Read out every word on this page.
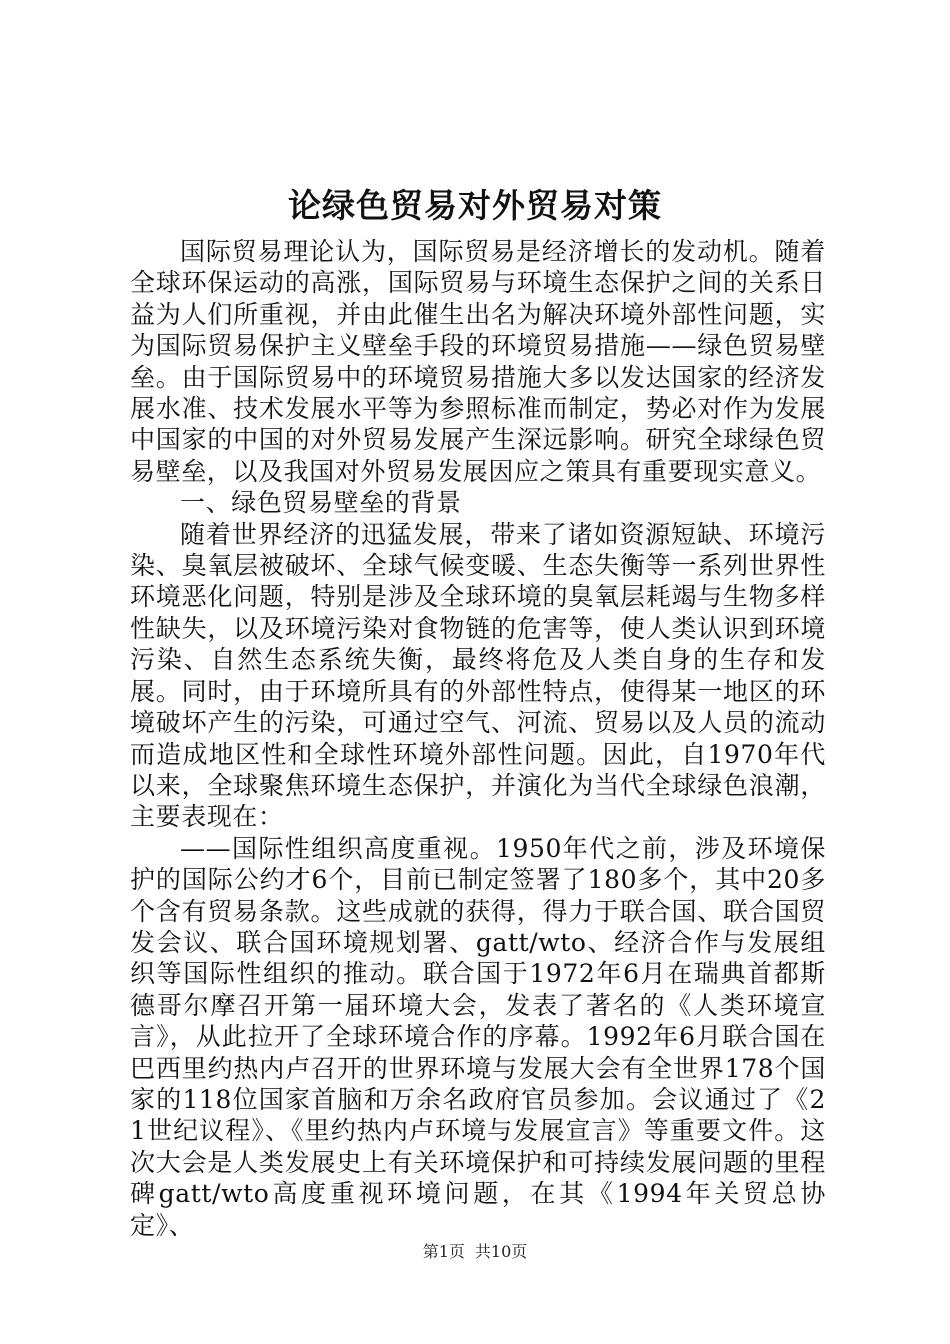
论绿色贸易对外贸易对策

国际贸易理论认为，国际贸易是经济增长的发动机。随着全球环保运动的高涨，国际贸易与环境生态保护之间的关系日益为人们所重视，并由此催生出名为解决环境外部性问题，实为国际贸易保护主义壁垒手段的环境贸易措施——绿色贸易壁垒。由于国际贸易中的环境贸易措施大多以发达国家的经济发展水准、技术发展水平等为参照标准而制定，势必对作为发展中国家的中国的对外贸易发展产生深远影响。研究全球绿色贸易壁垒，以及我国对外贸易发展因应之策具有重要现实意义。

一、绿色贸易壁垒的背景

随着世界经济的迅猛发展，带来了诸如资源短缺、环境污染、臭氧层被破坏、全球气候变暖、生态失衡等一系列世界性环境恶化问题，特别是涉及全球环境的臭氧层耗竭与生物多样性缺失，以及环境污染对食物链的危害等，使人类认识到环境污染、自然生态系统失衡，最终将危及人类自身的生存和发展。同时，由于环境所具有的外部性特点，使得某一地区的环境破坏产生的污染，可通过空气、河流、贸易以及人员的流动而造成地区性和全球性环境外部性问题。因此，自1970年代以来，全球聚焦环境生态保护，并演化为当代全球绿色浪潮，主要表现在：

——国际性组织高度重视。1950年代之前，涉及环境保护的国际公约才6个，目前已制定签署了180多个，其中20多个含有贸易条款。这些成就的获得，得力于联合国、联合国贸发会议、联合国环境规划署、gatt/wto、经济合作与发展组织等国际性组织的推动。联合国于1972年6月在瑞典首都斯德哥尔摩召开第一届环境大会，发表了著名的《人类环境宣言》，从此拉开了全球环境合作的序幕。1992年6月联合国在巴西里约热内卢召开的世界环境与发展大会有全世界178个国家的118位国家首脑和万余名政府官员参加。会议通过了《21世纪议程》、《里约热内卢环境与发展宣言》等重要文件。这次大会是人类发展史上有关环境保护和可持续发展问题的里程碑gatt/wto高度重视环境问题，在其《1994年关贸总协定》、

第1页 共10页
